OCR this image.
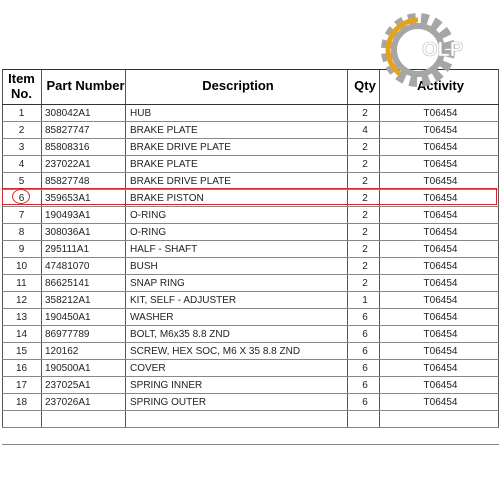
Item
No.
Part Number	Description	Qty	Activity
1	308042A1	HUB	2	T06454
2	85827747	BRAKE PLATE	4	T06454
3	85808316	BRAKE DRIVE PLATE	2	T06454
4	237022A1	BRAKE PLATE	2	T06454
5	85827748	BRAKE DRIVE PLATE	2	T06454
6	359653A1	BRAKE PISTON	2	T06454
7	190493A1	O-RING	2	T06454
8	308036A1	O-RING	2	T06454
9	295111A1	HALF - SHAFT	2	T06454
10	47481070	BUSH	2	T06454
11	86625141	SNAP RING	2	T06454
12	358212A1	KIT, SELF - ADJUSTER	1	T06454
13	190450A1	WASHER	6	T06454
14	86977789	BOLT, M6x35 8.8 ZND	6	T06454
15	120162	SCREW, HEX SOC, M6 X 35 8.8 ZND	6	T06454
16	190500A1	COVER	6	T06454
17	237025A1	SPRING INNER	6	T06454
18	237026A1	SPRING OUTER	6	T06454
OLP
